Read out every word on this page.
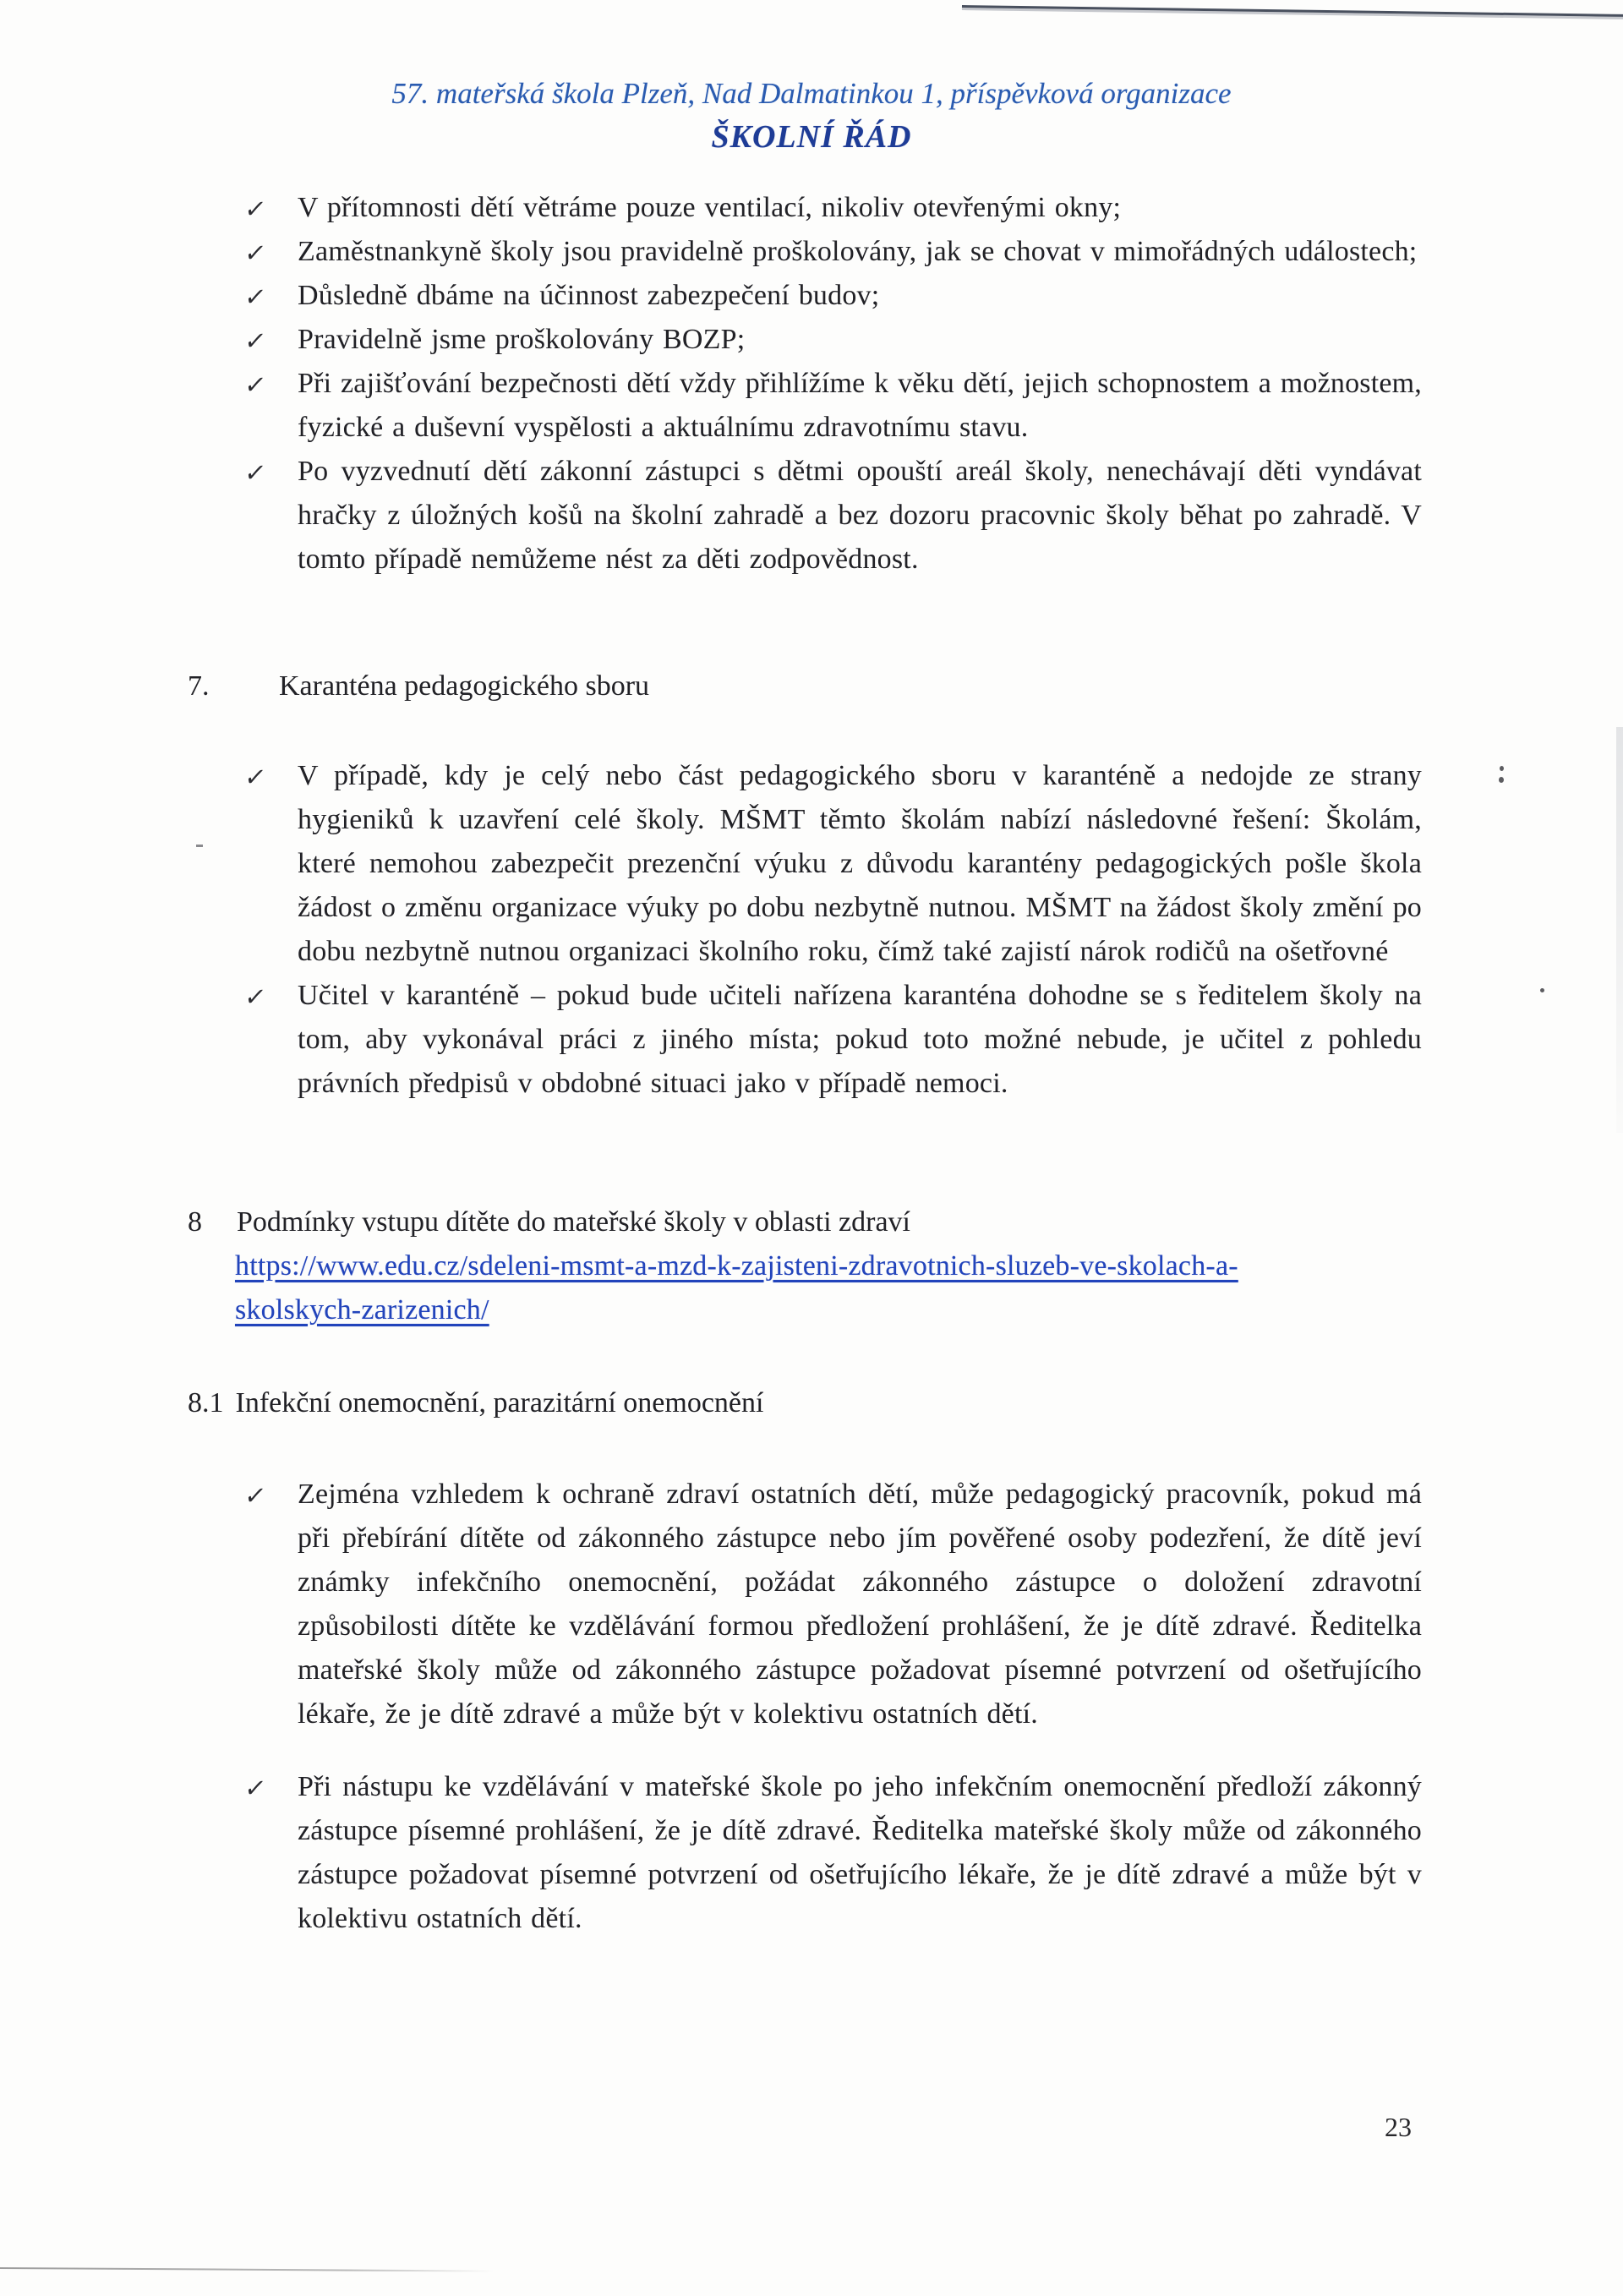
57. mateřská škola Plzeň, Nad Dalmatinkou 1, příspěvková organizace
ŠKOLNÍ ŘÁD
✓ V přítomnosti dětí větráme pouze ventilací, nikoliv otevřenými okny;
✓ Zaměstnankyně školy jsou pravidelně proškolovány, jak se chovat v mimořádných událostech;
✓ Důsledně dbáme na účinnost zabezpečení budov;
✓ Pravidelně jsme proškolovány BOZP;
✓ Při zajišťování bezpečnosti dětí vždy přihlížíme k věku dětí, jejich schopnostem a možnostem, fyzické a duševní vyspělosti a aktuálnímu zdravotnímu stavu.
✓ Po vyzvednutí dětí zákonní zástupci s dětmi opouští areál školy, nenechávají děti vyndávat hračky z úložných košů na školní zahradě a bez dozoru pracovnic školy běhat po zahradě. V tomto případě nemůžeme nést za děti zodpovědnost.
7. Karanténa pedagogického sboru
✓ V případě, kdy je celý nebo část pedagogického sboru v karanténě a nedojde ze strany hygieniků k uzavření celé školy. MŠMT těmto školám nabízí následovné řešení: Školám, které nemohou zabezpečit prezenční výuku z důvodu karantény pedagogických pošle škola žádost o změnu organizace výuky po dobu nezbytně nutnou. MŠMT na žádost školy změní po dobu nezbytně nutnou organizaci školního roku, čímž také zajistí nárok rodičů na ošetřovné
✓ Učitel v karanténě – pokud bude učiteli nařízena karanténa dohodne se s ředitelem školy na tom, aby vykonával práci z jiného místa; pokud toto možné nebude, je učitel z pohledu právních předpisů v obdobné situaci jako v případě nemoci.
8 Podmínky vstupu dítěte do mateřské školy v oblasti zdraví
https://www.edu.cz/sdeleni-msmt-a-mzd-k-zajisteni-zdravotnich-sluzeb-ve-skolach-a-
skolskych-zarizenich/
8.1 Infekční onemocnění, parazitární onemocnění
✓ Zejména vzhledem k ochraně zdraví ostatních dětí, může pedagogický pracovník, pokud má při přebírání dítěte od zákonného zástupce nebo jím pověřené osoby podezření, že dítě jeví známky infekčního onemocnění, požádat zákonného zástupce o doložení zdravotní způsobilosti dítěte ke vzdělávání formou předložení prohlášení, že je dítě zdravé. Ředitelka mateřské školy může od zákonného zástupce požadovat písemné potvrzení od ošetřujícího lékaře, že je dítě zdravé a může být v kolektivu ostatních dětí.
✓ Při nástupu ke vzdělávání v mateřské škole po jeho infekčním onemocnění předloží zákonný zástupce písemné prohlášení, že je dítě zdravé. Ředitelka mateřské školy může od zákonného zástupce požadovat písemné potvrzení od ošetřujícího lékaře, že je dítě zdravé a může být v kolektivu ostatních dětí.
23
